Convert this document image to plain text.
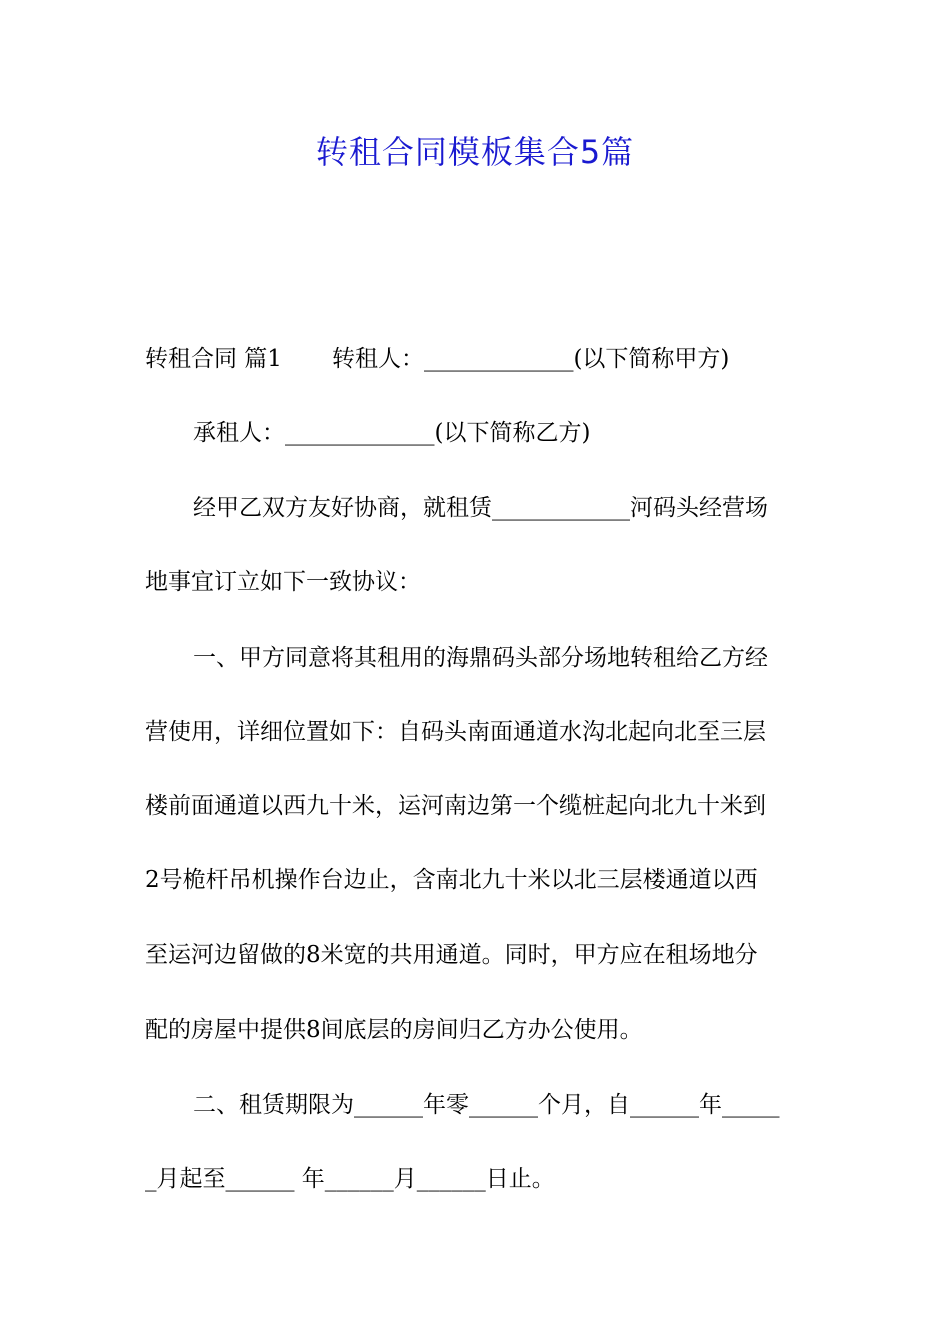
转租合同模板集合5篇
转租合同 篇1 转租人：_____________(以下简称甲方)
承租人：_____________(以下简称乙方)
经甲乙双方友好协商，就租赁____________河码头经营场
地事宜订立如下一致协议：
一、甲方同意将其租用的海鼎码头部分场地转租给乙方经
营使用，详细位置如下：自码头南面通道水沟北起向北至三层
楼前面通道以西九十米，运河南边第一个缆桩起向北九十米到
2号桅杆吊机操作台边止，含南北九十米以北三层楼通道以西
至运河边留做的8米宽的共用通道。同时，甲方应在租场地分
配的房屋中提供8间底层的房间归乙方办公使用。
二、租赁期限为______年零______个月，自______年_____
_月起至______ 年______月______日止。
